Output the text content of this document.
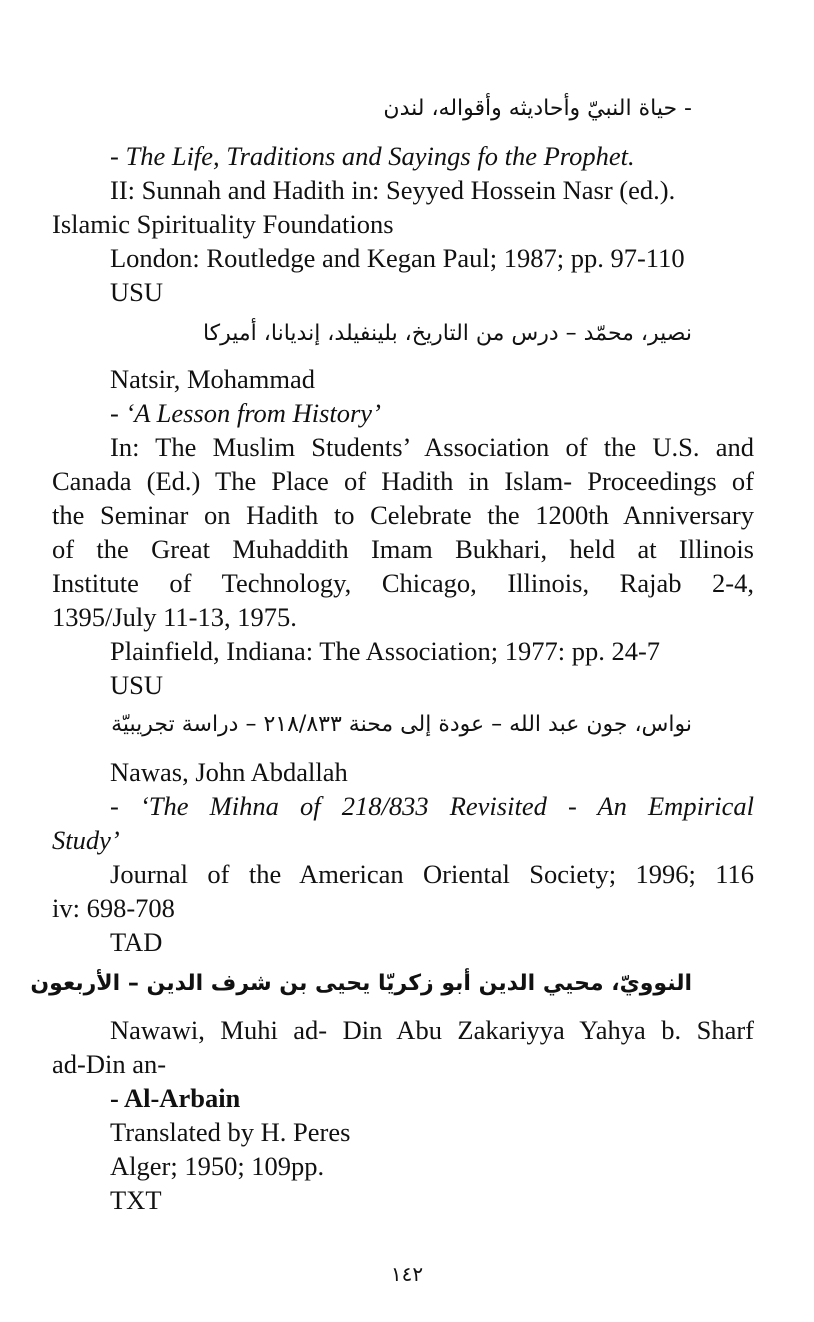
- حياة النبيّ وأحاديثه وأقواله، لندن
- The Life, Traditions and Sayings fo the Prophet.
II: Sunnah and Hadith in: Seyyed Hossein Nasr (ed.).
Islamic Spirituality Foundations
London: Routledge and Kegan Paul; 1987; pp. 97-110
USU
نصير، محمّد – درس من التاريخ، بلينفيلد، إنديانا، أميركا
Natsir, Mohammad
- ‘A Lesson from History’
In: The Muslim Students’ Association of the U.S. and
Canada (Ed.) The Place of Hadith in Islam- Proceedings of
the Seminar on Hadith to Celebrate the 1200th Anniversary
of the Great Muhaddith Imam Bukhari, held at Illinois
Institute of Technology, Chicago, Illinois, Rajab 2-4,
1395/July 11-13, 1975.
Plainfield, Indiana: The Association; 1977: pp. 24-7
USU
نواس، جون عبد الله – عودة إلى محنة ٢١٨/٨٣٣ – دراسة تجريبيّة
Nawas, John Abdallah
- ‘The Mihna of 218/833 Revisited - An Empirical
Study’
Journal of the American Oriental Society; 1996; 116
iv: 698-708
TAD
النوويّ، محيي الدين أبو زكريّا يحيى بن شرف الدين – الأربعون
Nawawi, Muhi ad- Din Abu Zakariyya Yahya b. Sharf
ad-Din an-
- Al-Arbain
Translated by H. Peres
Alger; 1950; 109pp.
TXT
١٤٢
